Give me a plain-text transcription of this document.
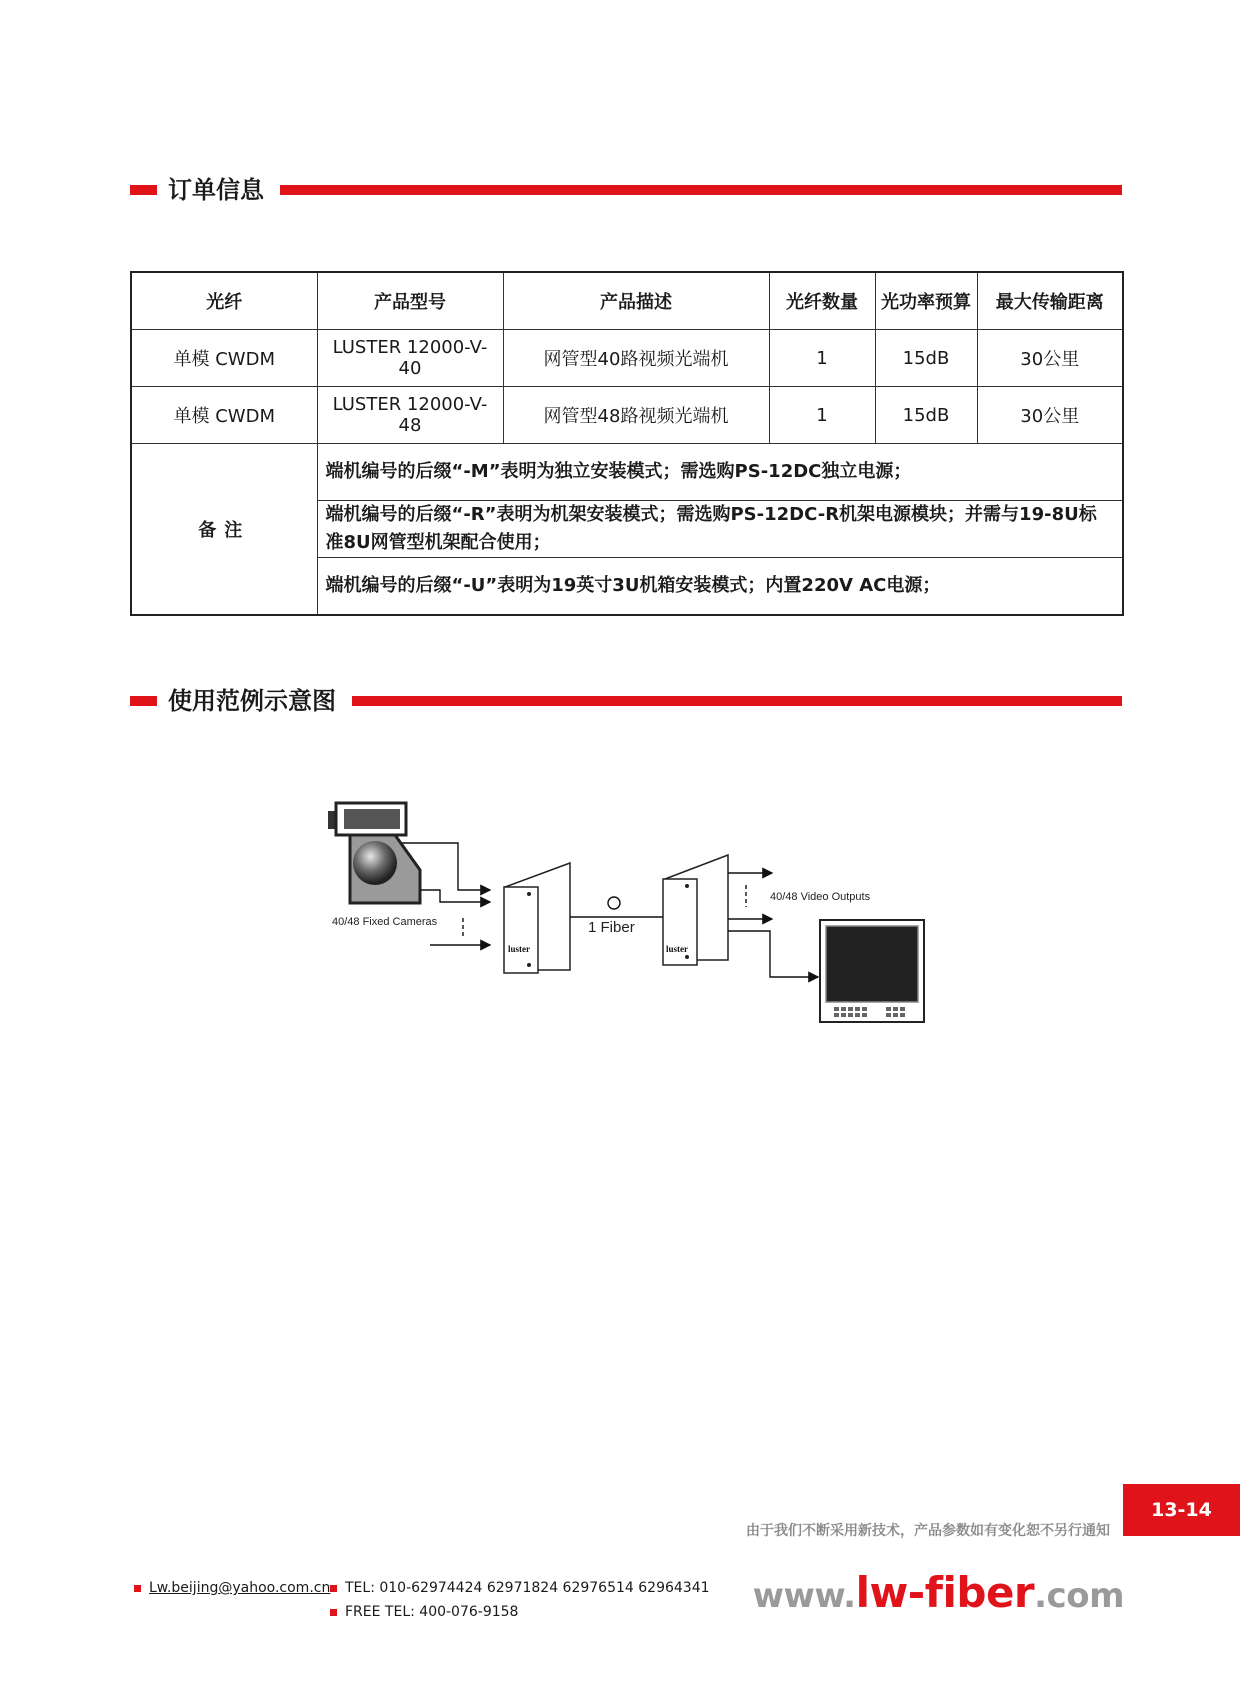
订单信息
光纤	产品型号	产品描述	光纤数量	光功率预算	最大传输距离
单模 CWDM	LUSTER 12000-V-40	网管型40路视频光端机	1	15dB	30公里
单模 CWDM	LUSTER 12000-V-48	网管型48路视频光端机	1	15dB	30公里
备注	端机编号的后缀“-M”表明为独立安装模式；需选购PS-12DC独立电源；				
	端机编号的后缀“-R”表明为机架安装模式；需选购PS-12DC-R机架电源模块；并需与19-8U标准8U网管型机架配合使用；				
	端机编号的后缀“-U”表明为19英寸3U机箱安装模式；内置220V AC电源；				
使用范例示意图
40/48 Fixed Cameras
luster
1 Fiber
luster
40/48 Video Outputs
13-14
由于我们不断采用新技术，产品参数如有变化恕不另行通知
Lw.beijing@yahoo.com.cn	TEL: 010-62974424 62971824 62976514 62964341
FREE TEL: 400-076-9158	www.lw-fiber.com
